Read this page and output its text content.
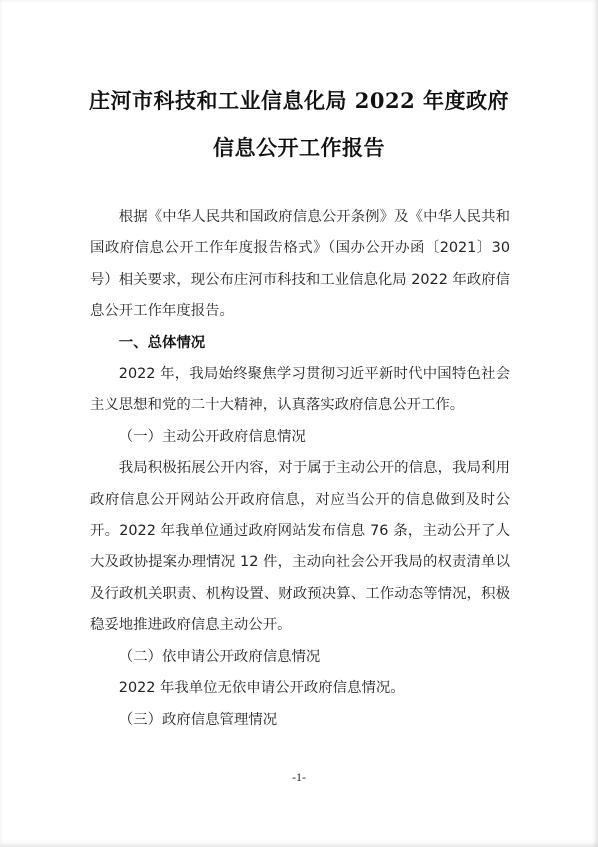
庄河市科技和工业信息化局 2022 年度政府
信息公开工作报告

根据《中华人民共和国政府信息公开条例》及《中华人民共和国政府信息公开工作年度报告格式》（国办公开办函〔2021〕30 号）相关要求，现公布庄河市科技和工业信息化局 2022 年政府信息公开工作年度报告。

一、总体情况

2022 年，我局始终聚焦学习贯彻习近平新时代中国特色社会主义思想和党的二十大精神，认真落实政府信息公开工作。

（一）主动公开政府信息情况

我局积极拓展公开内容，对于属于主动公开的信息，我局利用政府信息公开网站公开政府信息，对应当公开的信息做到及时公开。2022 年我单位通过政府网站发布信息 76 条，主动公开了人大及政协提案办理情况 12 件，主动向社会公开我局的权责清单以及行政机关职责、机构设置、财政预决算、工作动态等情况，积极稳妥地推进政府信息主动公开。

（二）依申请公开政府信息情况

2022 年我单位无依申请公开政府信息情况。

（三）政府信息管理情况

-1-
